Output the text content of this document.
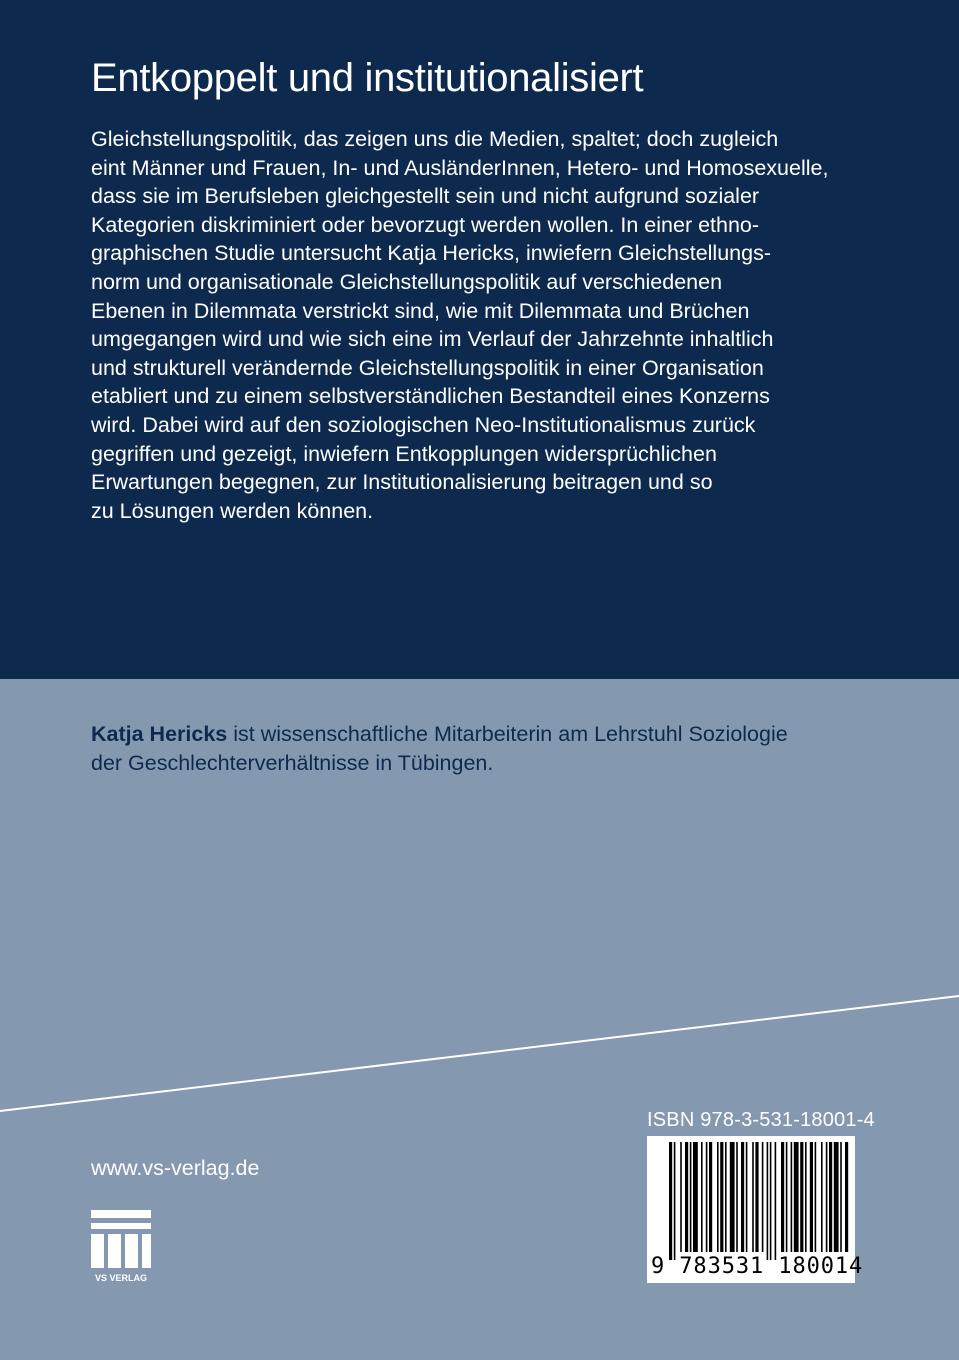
Entkoppelt und institutionalisiert
Gleichstellungspolitik, das zeigen uns die Medien, spaltet; doch zugleich
eint Männer und Frauen, In- und AusländerInnen, Hetero- und Homosexuelle,
dass sie im Berufsleben gleichgestellt sein und nicht aufgrund sozialer
Kategorien diskriminiert oder bevorzugt werden wollen. In einer ethno-
graphischen Studie untersucht Katja Hericks, inwiefern Gleichstellungs-
norm und organisationale Gleichstellungspolitik auf verschiedenen
Ebenen in Dilemmata verstrickt sind, wie mit Dilemmata und Brüchen
umgegangen wird und wie sich eine im Verlauf der Jahrzehnte inhaltlich
und strukturell verändernde Gleichstellungspolitik in einer Organisation
etabliert und zu einem selbstverständlichen Bestandteil eines Konzerns
wird. Dabei wird auf den soziologischen Neo-Institutionalismus zurück
gegriffen und gezeigt, inwiefern Entkopplungen widersprüchlichen
Erwartungen begegnen, zur Institutionalisierung beitragen und so
zu Lösungen werden können.
Katja Hericks ist wissenschaftliche Mitarbeiterin am Lehrstuhl Soziologie
der Geschlechterverhältnisse in Tübingen.
www.vs-verlag.de
VS VERLAG
ISBN 978-3-531-18001-4
9 783531 180014
